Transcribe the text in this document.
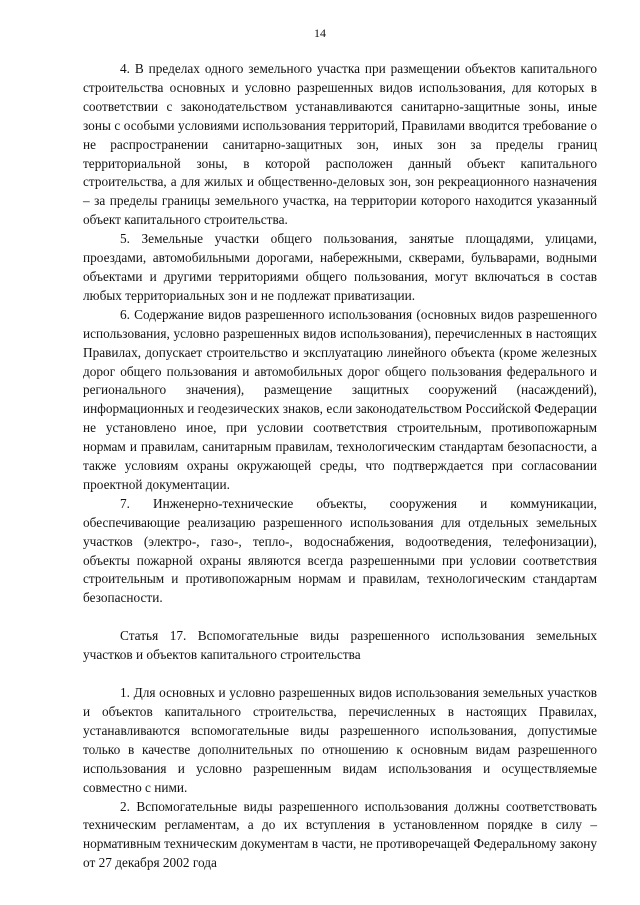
14

4. В пределах одного земельного участка при размещении объектов капитального строительства основных и условно разрешенных видов использования, для которых в соответствии с законодательством устанавливаются санитарно-защитные зоны, иные зоны с особыми условиями использования территорий, Правилами вводится требование о не распространении санитарно-защитных зон, иных зон за пределы границ территориальной зоны, в которой расположен данный объект капитального строительства, а для жилых и общественно-деловых зон, зон рекреационного назначения – за пределы границы земельного участка, на территории которого находится указанный объект капитального строительства.

5. Земельные участки общего пользования, занятые площадями, улицами, проездами, автомобильными дорогами, набережными, скверами, бульварами, водными объектами и другими территориями общего пользования, могут включаться в состав любых территориальных зон и не подлежат приватизации.

6. Содержание видов разрешенного использования (основных видов разрешенного использования, условно разрешенных видов использования), перечисленных в настоящих Правилах, допускает строительство и эксплуатацию линейного объекта (кроме железных дорог общего пользования и автомобильных дорог общего пользования федерального и регионального значения), размещение защитных сооружений (насаждений), информационных и геодезических знаков, если законодательством Российской Федерации не установлено иное, при условии соответствия строительным, противопожарным нормам и правилам, санитарным правилам, технологическим стандартам безопасности, а также условиям охраны окружающей среды, что подтверждается при согласовании проектной документации.

7. Инженерно-технические объекты, сооружения и коммуникации, обеспечивающие реализацию разрешенного использования для отдельных земельных участков (электро-, газо-, тепло-, водоснабжения, водоотведения, телефонизации), объекты пожарной охраны являются всегда разрешенными при условии соответствия строительным и противопожарным нормам и правилам, технологическим стандартам безопасности.

Статья 17. Вспомогательные виды разрешенного использования земельных участков и объектов капитального строительства

1. Для основных и условно разрешенных видов использования земельных участков и объектов капитального строительства, перечисленных в настоящих Правилах, устанавливаются вспомогательные виды разрешенного использования, допустимые только в качестве дополнительных по отношению к основным видам разрешенного использования и условно разрешенным видам использования и осуществляемые совместно с ними.

2. Вспомогательные виды разрешенного использования должны соответствовать техническим регламентам, а до их вступления в установленном порядке в силу – нормативным техническим документам в части, не противоречащей Федеральному закону от 27 декабря 2002 года
